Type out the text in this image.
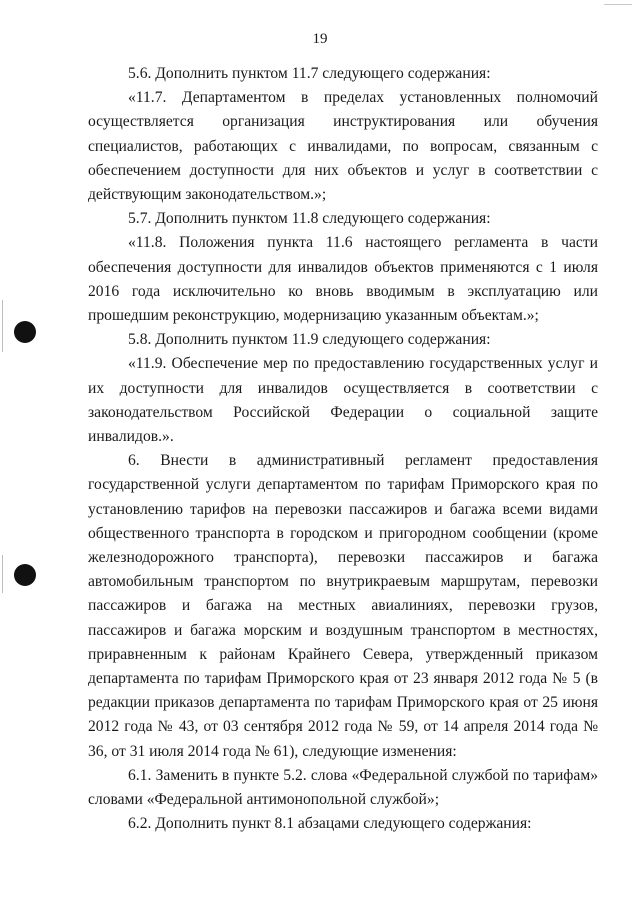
19

5.6. Дополнить пунктом 11.7 следующего содержания:

«11.7. Департаментом в пределах установленных полномочий осуществляется организация инструктирования или обучения специалистов, работающих с инвалидами, по вопросам, связанным с обеспечением доступности для них объектов и услуг в соответствии с действующим законодательством.»;

5.7. Дополнить пунктом 11.8 следующего содержания:

«11.8. Положения пункта 11.6 настоящего регламента в части обеспечения доступности для инвалидов объектов применяются с 1 июля 2016 года исключительно ко вновь вводимым в эксплуатацию или прошедшим реконструкцию, модернизацию указанным объектам.»;

5.8. Дополнить пунктом 11.9 следующего содержания:

«11.9. Обеспечение мер по предоставлению государственных услуг и их доступности для инвалидов осуществляется в соответствии с законодательством Российской Федерации о социальной защите инвалидов.».

6. Внести в административный регламент предоставления государственной услуги департаментом по тарифам Приморского края по установлению тарифов на перевозки пассажиров и багажа всеми видами общественного транспорта в городском и пригородном сообщении (кроме железнодорожного транспорта), перевозки пассажиров и багажа автомобильным транспортом по внутрикраевым маршрутам, перевозки пассажиров и багажа на местных авиалиниях, перевозки грузов, пассажиров и багажа морским и воздушным транспортом в местностях, приравненным к районам Крайнего Севера, утвержденный приказом департамента по тарифам Приморского края от 23 января 2012 года № 5 (в редакции приказов департамента по тарифам Приморского края от 25 июня 2012 года № 43, от 03 сентября 2012 года № 59, от 14 апреля 2014 года № 36, от 31 июля 2014 года № 61), следующие изменения:

6.1. Заменить в пункте 5.2. слова «Федеральной службой по тарифам» словами «Федеральной антимонопольной службой»;

6.2. Дополнить пункт 8.1 абзацами следующего содержания:
